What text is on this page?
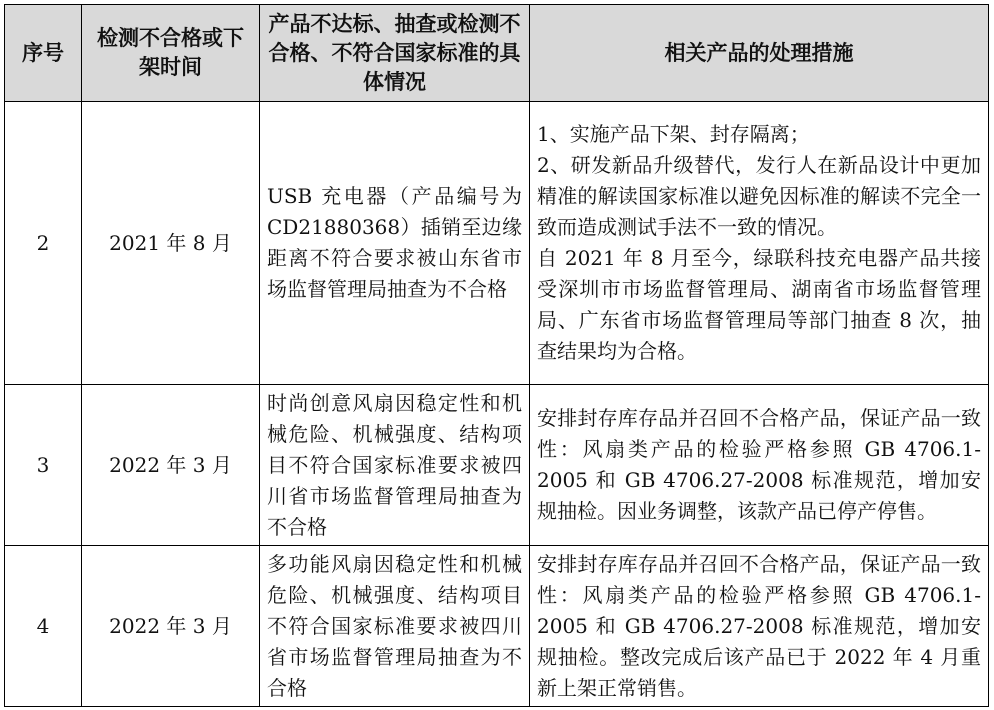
序号	检测不合格或下架时间	产品不达标、抽查或检测不合格、不符合国家标准的具体情况	相关产品的处理措施
2	2021 年 8 月	USB 充电器（产品编号为 CD21880368）插销至边缘距离不符合要求被山东省市场监督管理局抽查为不合格	1、实施产品下架、封存隔离；

2、研发新品升级替代，发行人在新品设计中更加精准的解读国家标准以避免因标准的解读不完全一致而造成测试手法不一致的情况。

自 2021 年 8 月至今，绿联科技充电器产品共接受深圳市市场监督管理局、湖南省市场监督管理局、广东省市场监督管理局等部门抽查 8 次，抽查结果均为合格。

3	2022 年 3 月	时尚创意风扇因稳定性和机械危险、机械强度、结构项目不符合国家标准要求被四川省市场监督管理局抽查为不合格	安排封存库存品并召回不合格产品，保证产品一致性：风扇类产品的检验严格参照 GB 4706.1-2005 和 GB 4706.27-2008 标准规范，增加安规抽检。因业务调整，该款产品已停产停售。

4	2022 年 3 月	多功能风扇因稳定性和机械危险、机械强度、结构项目不符合国家标准要求被四川省市场监督管理局抽查为不合格	安排封存库存品并召回不合格产品，保证产品一致性：风扇类产品的检验严格参照 GB 4706.1-2005 和 GB 4706.27-2008 标准规范，增加安规抽检。整改完成后该产品已于 2022 年 4 月重新上架正常销售。
